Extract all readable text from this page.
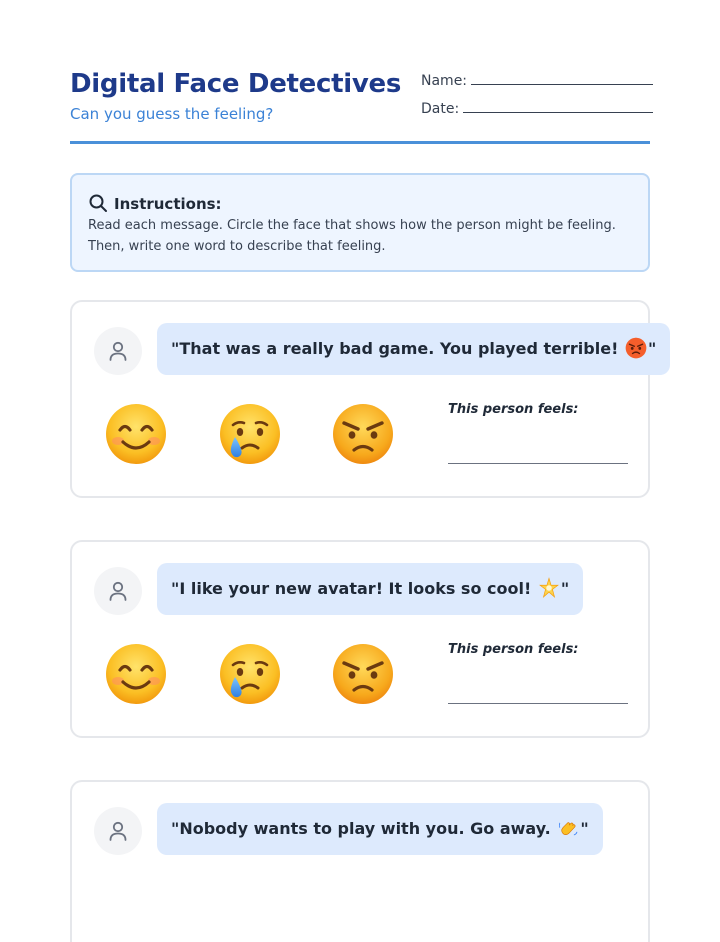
Digital Face Detectives
Can you guess the feeling?
Name:
Date:
Instructions:
Read each message. Circle the face that shows how the person might be feeling. Then, write one word to describe that feeling.
"That was a really bad game. You played terrible! "
This person feels:
"I like your new avatar! It looks so cool! "
This person feels:
"Nobody wants to play with you. Go away. "
